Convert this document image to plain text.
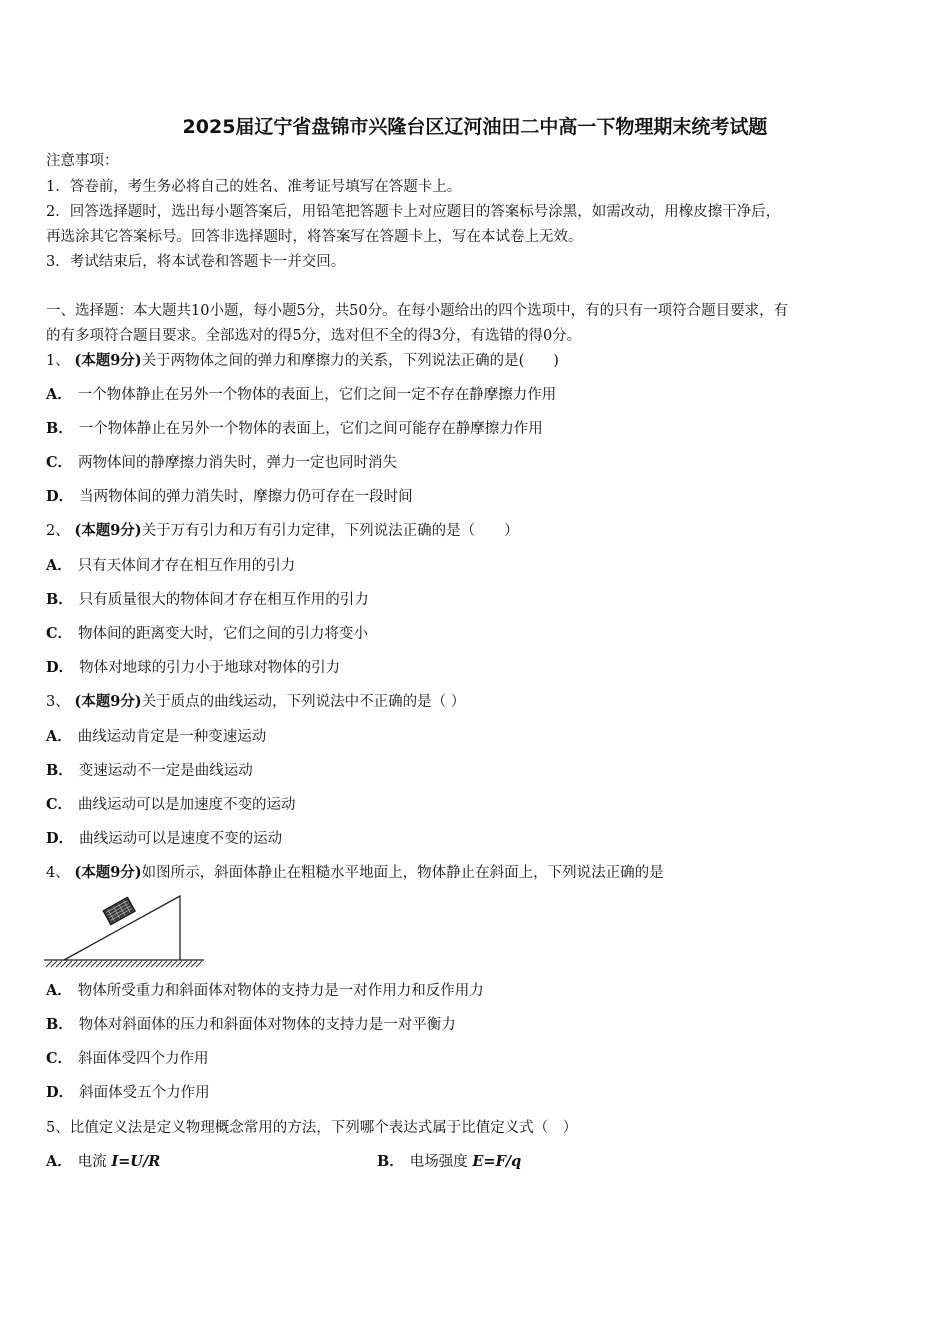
2025届辽宁省盘锦市兴隆台区辽河油田二中高一下物理期末统考试题
注意事项：
1．答卷前，考生务必将自己的姓名、准考证号填写在答题卡上。
2．回答选择题时，选出每小题答案后，用铅笔把答题卡上对应题目的答案标号涂黑，如需改动，用橡皮擦干净后，
再选涂其它答案标号。回答非选择题时，将答案写在答题卡上，写在本试卷上无效。
3．考试结束后，将本试卷和答题卡一并交回。
一、选择题：本大题共10小题，每小题5分，共50分。在每小题给出的四个选项中，有的只有一项符合题目要求，有
的有多项符合题目要求。全部选对的得5分，选对但不全的得3分，有选错的得0分。
1、 (本题9分)关于两物体之间的弹力和摩擦力的关系，下列说法正确的是(　　)
A． 一个物体静止在另外一个物体的表面上，它们之间一定不存在静摩擦力作用
B． 一个物体静止在另外一个物体的表面上，它们之间可能存在静摩擦力作用
C． 两物体间的静摩擦力消失时，弹力一定也同时消失
D． 当两物体间的弹力消失时，摩擦力仍可存在一段时间
2、 (本题9分)关于万有引力和万有引力定律，下列说法正确的是（　　）
A． 只有天体间才存在相互作用的引力
B． 只有质量很大的物体间才存在相互作用的引力
C． 物体间的距离变大时，它们之间的引力将变小
D． 物体对地球的引力小于地球对物体的引力
3、 (本题9分)关于质点的曲线运动，下列说法中不正确的是（ ）
A． 曲线运动肯定是一种变速运动
B． 变速运动不一定是曲线运动
C． 曲线运动可以是加速度不变的运动
D． 曲线运动可以是速度不变的运动
4、 (本题9分)如图所示，斜面体静止在粗糙水平地面上，物体静止在斜面上，下列说法正确的是
A． 物体所受重力和斜面体对物体的支持力是一对作用力和反作用力
B． 物体对斜面体的压力和斜面体对物体的支持力是一对平衡力
C． 斜面体受四个力作用
D． 斜面体受五个力作用
5、比值定义法是定义物理概念常用的方法，下列哪个表达式属于比值定义式（　）
A． 电流 I=U/R	B． 电场强度 E=F/q
